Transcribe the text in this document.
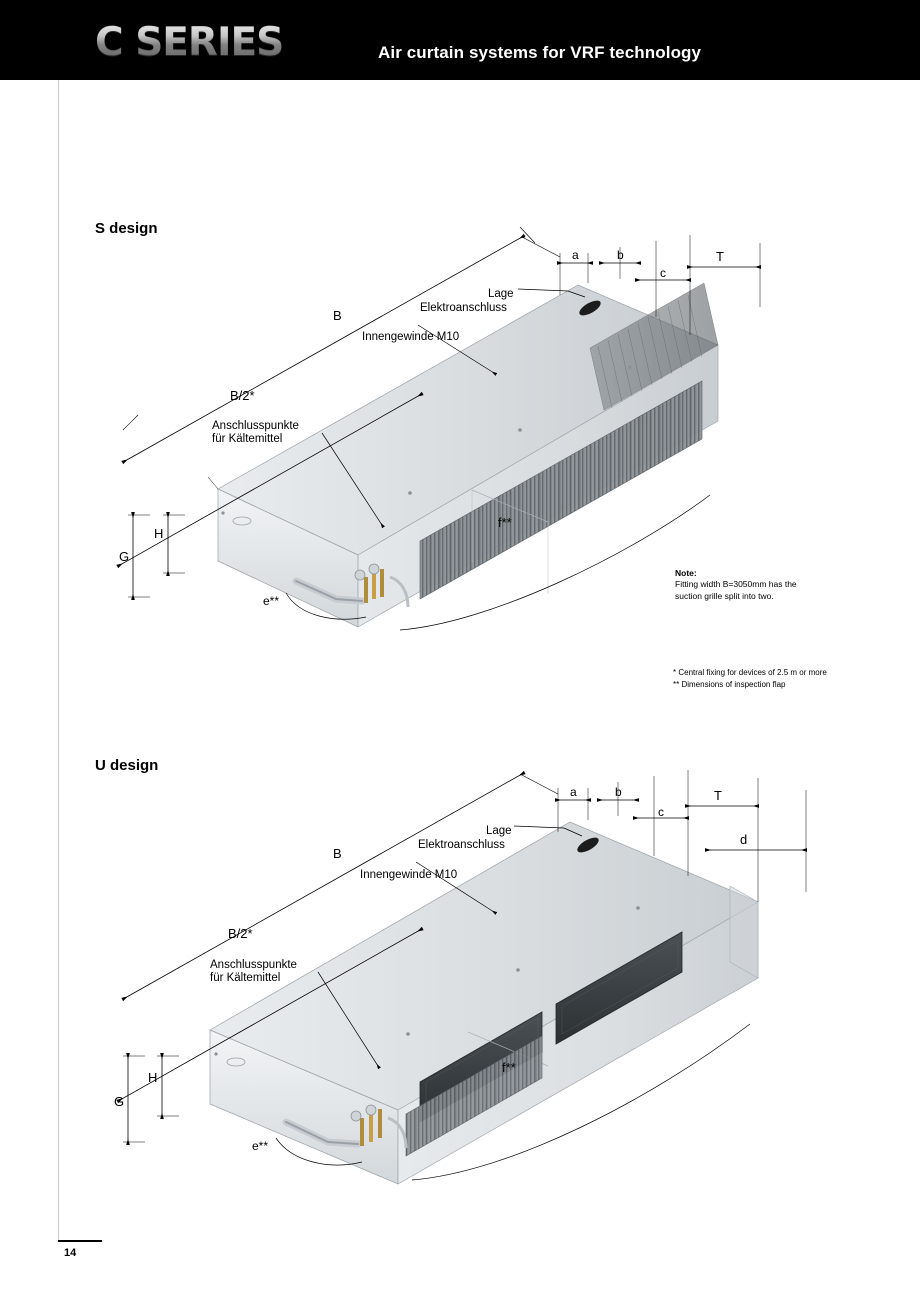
C SERIES	Air curtain systems for VRF technology
S design
B
B/2*
a	b
c
T
G
H
e**
f**
Lage
Elektroanschluss
Innengewinde M10
Anschlusspunkte
für Kältemittel
Note:
Fitting width B=3050mm has the
suction grille split into two.
* Central fixing for devices of 2.5 m or more
** Dimensions of inspection flap
U design
B
B/2*
a	b
c
T
d
G
H
e**
f**
Lage
Elektroanschluss
Innengewinde M10
Anschlusspunkte
für Kältemittel
14
